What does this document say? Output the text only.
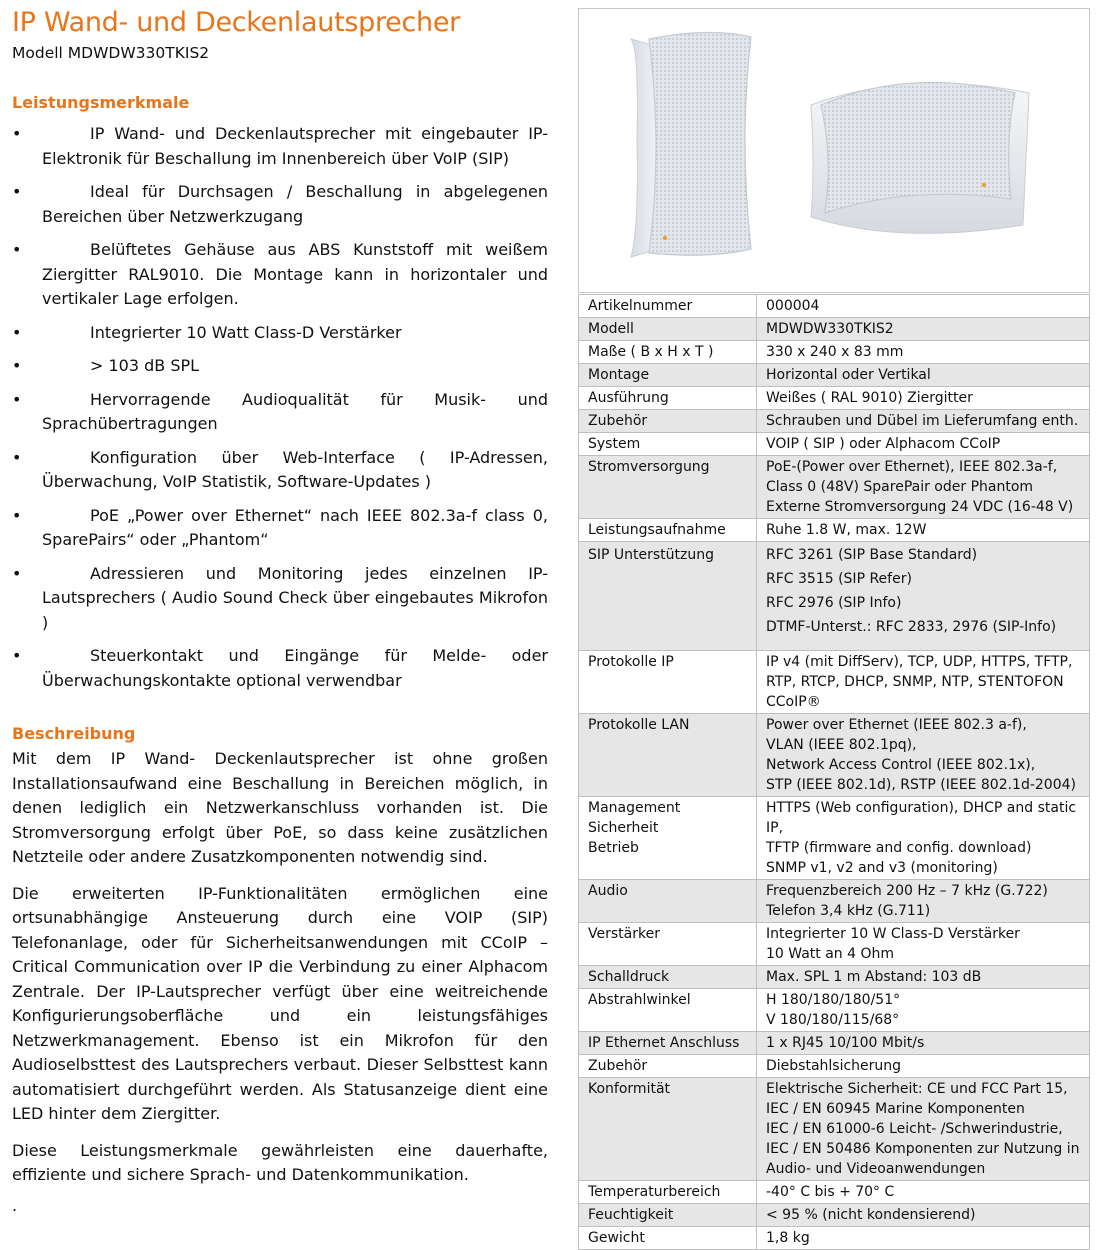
IP Wand- und Deckenlautsprecher
Modell MDWDW330TKIS2
Leistungsmerkmale
•	IP Wand- und Deckenlautsprecher mit eingebauter IP-Elektronik für Beschallung im Innenbereich über VoIP (SIP)
•	Ideal für Durchsagen / Beschallung in abgelegenen Bereichen über Netzwerkzugang
•	Belüftetes Gehäuse aus ABS Kunststoff mit weißem Ziergitter RAL9010. Die Montage kann in horizontaler und vertikaler Lage erfolgen.
•	Integrierter 10 Watt Class-D Verstärker
•	> 103 dB SPL
•	Hervorragende Audioqualität für Musik- und Sprachübertragungen
•	Konfiguration über Web-Interface ( IP-Adressen, Überwachung, VoIP Statistik, Software-Updates )
•	PoE „Power over Ethernet“ nach IEEE 802.3a-f class 0, SparePairs“ oder „Phantom“
•	Adressieren und Monitoring jedes einzelnen IP-Lautsprechers ( Audio Sound Check über eingebautes Mikrofon )
•	Steuerkontakt und Eingänge für Melde- oder Überwachungskontakte optional verwendbar
Beschreibung

Mit dem IP Wand- Deckenlautsprecher ist ohne großen Installationsaufwand eine Beschallung in Bereichen möglich, in denen lediglich ein Netzwerkanschluss vorhanden ist. Die Stromversorgung erfolgt über PoE, so dass keine zusätzlichen Netzteile oder andere Zusatzkomponenten notwendig sind.

Die erweiterten IP-Funktionalitäten ermöglichen eine ortsunabhängige Ansteuerung durch eine VOIP (SIP) Telefonanlage, oder für Sicherheitsanwendungen mit CCoIP – Critical Communication over IP die Verbindung zu einer Alphacom Zentrale. Der IP-Lautsprecher verfügt über eine weitreichende Konfigurierungsoberfläche und ein leistungsfähiges Netzwerkmanagement. Ebenso ist ein Mikrofon für den Audioselbsttest des Lautsprechers verbaut. Dieser Selbsttest kann automatisiert durchgeführt werden. Als Statusanzeige dient eine LED hinter dem Ziergitter.

Diese Leistungsmerkmale gewährleisten eine dauerhafte, effiziente und sichere Sprach- und Datenkommunikation.

.
Artikelnummer	000004

Modell	MDWDW330TKIS2

Maße ( B x H x T )	330 x 240 x 83 mm

Montage	Horizontal oder Vertikal

Ausführung	Weißes ( RAL 9010) Ziergitter

Zubehör	Schrauben und Dübel im Lieferumfang enth.

System	VOIP ( SIP ) oder Alphacom CCoIP

Stromversorgung	PoE-(Power over Ethernet), IEEE 802.3a-f, Class 0 (48V) SparePair oder Phantom
Externe Stromversorgung 24 VDC (16-48 V)

Leistungsaufnahme	Ruhe 1.8 W, max. 12W

SIP Unterstützung	RFC 3261 (SIP Base Standard)
RFC 3515 (SIP Refer)
RFC 2976 (SIP Info)
DTMF-Unterst.: RFC 2833, 2976 (SIP-Info)

Protokolle IP	IP v4 (mit DiffServ), TCP, UDP, HTTPS, TFTP, RTP, RTCP, DHCP, SNMP, NTP, STENTOFON CCoIP®

Protokolle LAN	Power over Ethernet (IEEE 802.3 a-f),
VLAN (IEEE 802.1pq),
Network Access Control (IEEE 802.1x),
STP (IEEE 802.1d), RSTP (IEEE 802.1d-2004)

Management
Sicherheit
Betrieb	HTTPS (Web configuration), DHCP and static IP,
TFTP (firmware and config. download)
SNMP v1, v2 and v3 (monitoring)

Audio	Frequenzbereich 200 Hz – 7 kHz (G.722)
Telefon 3,4 kHz (G.711)

Verstärker	Integrierter 10 W Class-D Verstärker
10 Watt an 4 Ohm

Schalldruck	Max. SPL 1 m Abstand: 103 dB

Abstrahlwinkel	H 180/180/180/51°
V 180/180/115/68°

IP Ethernet Anschluss	1 x RJ45 10/100 Mbit/s

Zubehör	Diebstahlsicherung

Konformität	Elektrische Sicherheit: CE und FCC Part 15,
IEC / EN 60945 Marine Komponenten
IEC / EN 61000-6 Leicht- /Schwerindustrie,
IEC / EN 50486 Komponenten zur Nutzung in Audio- und Videoanwendungen

Temperaturbereich	-40° C bis + 70° C

Feuchtigkeit	< 95 % (nicht kondensierend)

Gewicht	1,8 kg
